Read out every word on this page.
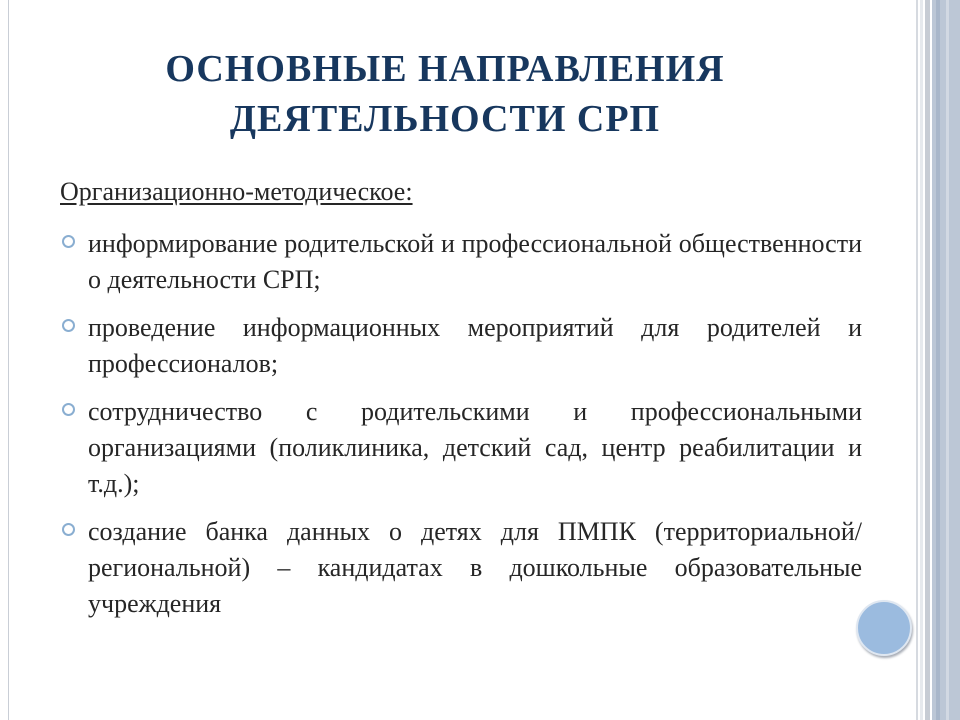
ОСНОВНЫЕ НАПРАВЛЕНИЯ
ДЕЯТЕЛЬНОСТИ СРП

Организационно-методическое:

информирование родительской и профессиональной общественности о деятельности СРП;
проведение информационных мероприятий для родителей и профессионалов;
сотрудничество с родительскими и профессиональными организациями (поликлиника, детский сад, центр реабилитации и т.д.);
создание банка данных о детях для ПМПК (территориальной/региональной) – кандидатах в дошкольные образовательные учреждения
